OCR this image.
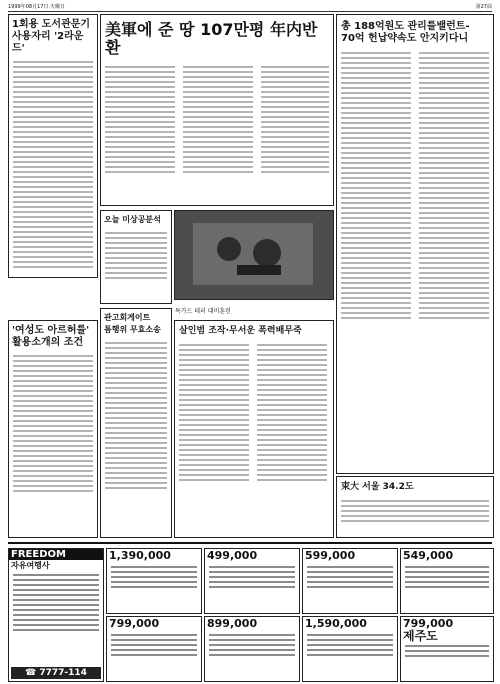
1999年08月17日 火曜日	第27面
1회용 도서관문기
사용자리 '2라운드'
'여성도 아르허를'
활용소개의 조건
美軍에 준 땅 107만평 年内반환
총 188억원도 관리를밸런트-
70억 헌납약속도 안지키다니
오늘 미상공분석
특가드 테러 대비훈련
관고회게이트
틈행위 무효소송	살인범 조작·무서운 폭력배무죽
束大 서울 34.2도
FREEDOM
자유여행사
☎ 7777-114
1,390,000
799,000
499,000
899,000
599,000
1,590,000
549,000
799,000
제주도
